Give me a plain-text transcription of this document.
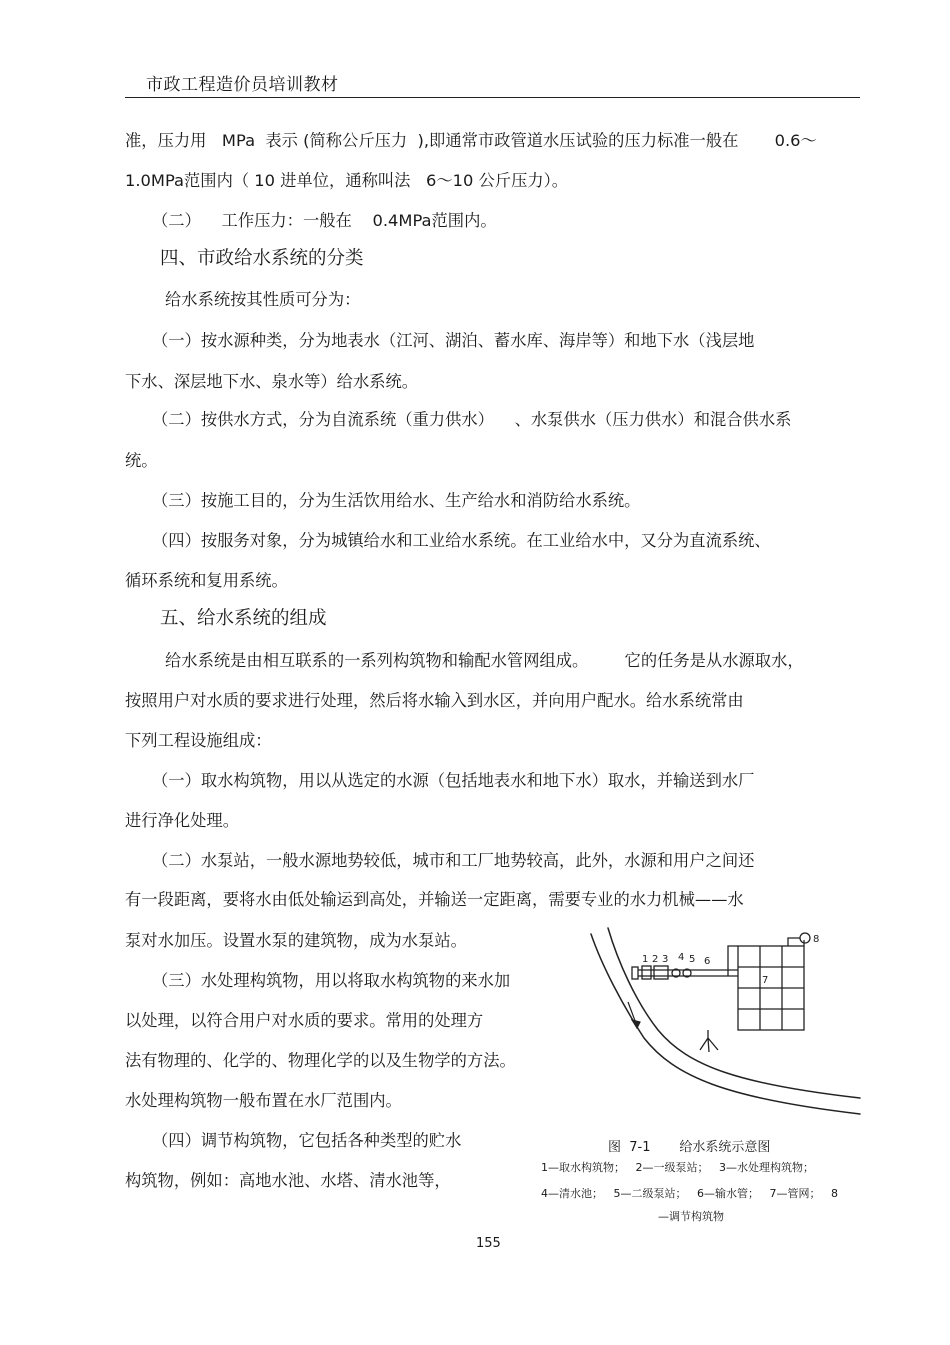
市政工程造价员培训教材
准，压力用   MPa  表示 (简称公斤压力  ),即通常市政管道水压试验的压力标准一般在       0.6～
1.0MPa范围内（ 10 进单位，通称叫法   6～10 公斤压力）。
（二）    工作压力：一般在    0.4MPa范围内。
四、市政给水系统的分类
给水系统按其性质可分为：
（一）按水源种类，分为地表水（江河、湖泊、蓄水库、海岸等）和地下水（浅层地
下水、深层地下水、泉水等）给水系统。
（二）按供水方式，分为自流系统（重力供水）    、水泵供水（压力供水）和混合供水系
统。
（三）按施工目的，分为生活饮用给水、生产给水和消防给水系统。
（四）按服务对象，分为城镇给水和工业给水系统。在工业给水中，又分为直流系统、
循环系统和复用系统。
五、给水系统的组成
给水系统是由相互联系的一系列构筑物和输配水管网组成。       它的任务是从水源取水，
按照用户对水质的要求进行处理，然后将水输入到水区，并向用户配水。给水系统常由
下列工程设施组成：
（一）取水构筑物，用以从选定的水源（包括地表水和地下水）取水，并输送到水厂
进行净化处理。
（二）水泵站，一般水源地势较低，城市和工厂地势较高，此外，水源和用户之间还
有一段距离，要将水由低处输运到高处，并输送一定距离，需要专业的水力机械——水
泵对水加压。设置水泵的建筑物，成为水泵站。
（三）水处理构筑物，用以将取水构筑物的来水加
以处理，以符合用户对水质的要求。常用的处理方
法有物理的、化学的、物理化学的以及生物学的方法。
水处理构筑物一般布置在水厂范围内。
（四）调节构筑物，它包括各种类型的贮水
构筑物，例如：高地水池、水塔、清水池等，
1 2 3 4 5 6
7
8
图  7-1       给水系统示意图
1—取水构筑物；   2—一级泵站；   3—水处理构筑物；
4—清水池；   5—二级泵站；   6—输水管；   7—管网；   8
—调节构筑物
155
